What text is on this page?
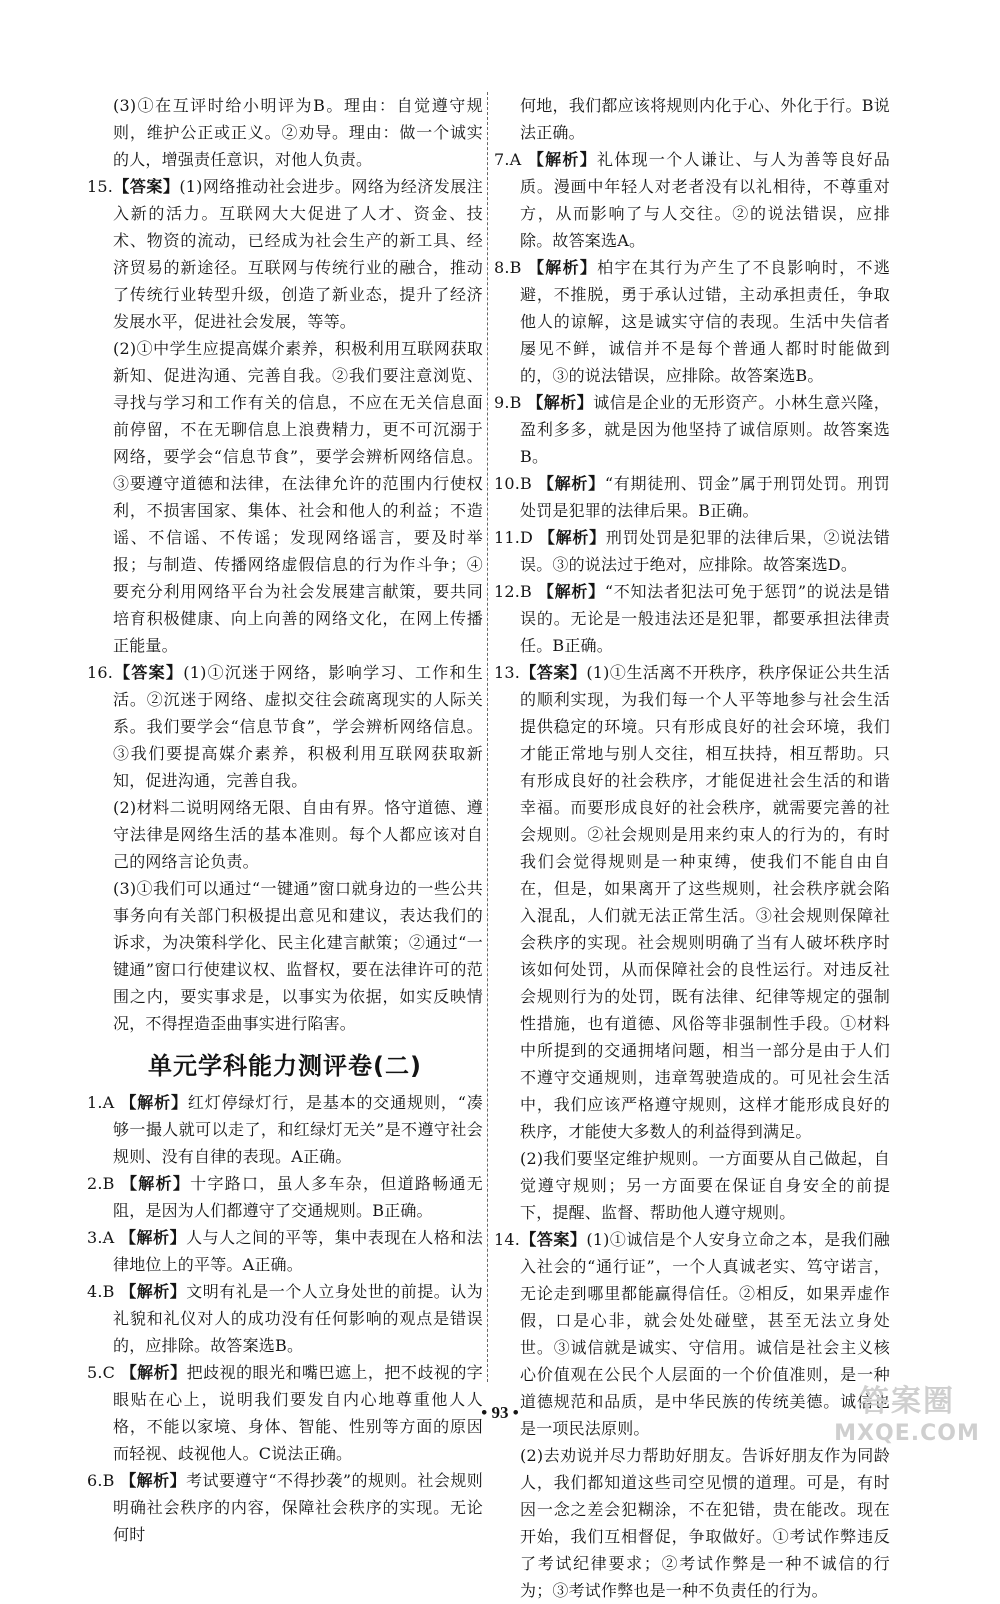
(3)①在互评时给小明评为B。理由：自觉遵守规则，维护公正或正义。②劝导。理由：做一个诚实的人，增强责任意识，对他人负责。

15.【答案】(1)网络推动社会进步。网络为经济发展注入新的活力。互联网大大促进了人才、资金、技术、物资的流动，已经成为社会生产的新工具、经济贸易的新途径。互联网与传统行业的融合，推动了传统行业转型升级，创造了新业态，提升了经济发展水平，促进社会发展，等等。

(2)①中学生应提高媒介素养，积极利用互联网获取新知、促进沟通、完善自我。②我们要注意浏览、寻找与学习和工作有关的信息，不应在无关信息面前停留，不在无聊信息上浪费精力，更不可沉溺于网络，要学会“信息节食”，要学会辨析网络信息。③要遵守道德和法律，在法律允许的范围内行使权利，不损害国家、集体、社会和他人的利益；不造谣、不信谣、不传谣；发现网络谣言，要及时举报；与制造、传播网络虚假信息的行为作斗争；④要充分利用网络平台为社会发展建言献策，要共同培育积极健康、向上向善的网络文化，在网上传播正能量。

16.【答案】(1)①沉迷于网络，影响学习、工作和生活。②沉迷于网络、虚拟交往会疏离现实的人际关系。我们要学会“信息节食”，学会辨析网络信息。③我们要提高媒介素养，积极利用互联网获取新知，促进沟通，完善自我。

(2)材料二说明网络无限、自由有界。恪守道德、遵守法律是网络生活的基本准则。每个人都应该对自己的网络言论负责。

(3)①我们可以通过“一键通”窗口就身边的一些公共事务向有关部门积极提出意见和建议，表达我们的诉求，为决策科学化、民主化建言献策；②通过“一键通”窗口行使建议权、监督权，要在法律许可的范围之内，要实事求是，以事实为依据，如实反映情况，不得捏造歪曲事实进行陷害。

单元学科能力测评卷(二)

1.A 【解析】红灯停绿灯行，是基本的交通规则，“凑够一撮人就可以走了，和红绿灯无关”是不遵守社会规则、没有自律的表现。A正确。

2.B 【解析】十字路口，虽人多车杂，但道路畅通无阻，是因为人们都遵守了交通规则。B正确。

3.A 【解析】人与人之间的平等，集中表现在人格和法律地位上的平等。A正确。

4.B 【解析】文明有礼是一个人立身处世的前提。认为礼貌和礼仪对人的成功没有任何影响的观点是错误的，应排除。故答案选B。

5.C 【解析】把歧视的眼光和嘴巴遮上，把不歧视的字眼贴在心上，说明我们要发自内心地尊重他人人格，不能以家境、身体、智能、性别等方面的原因而轻视、歧视他人。C说法正确。

6.B 【解析】考试要遵守“不得抄袭”的规则。社会规则明确社会秩序的内容，保障社会秩序的实现。无论何时

何地，我们都应该将规则内化于心、外化于行。B说法正确。

7.A 【解析】礼体现一个人谦让、与人为善等良好品质。漫画中年轻人对老者没有以礼相待，不尊重对方，从而影响了与人交往。②的说法错误，应排除。故答案选A。

8.B 【解析】柏宇在其行为产生了不良影响时，不逃避，不推脱，勇于承认过错，主动承担责任，争取他人的谅解，这是诚实守信的表现。生活中失信者屡见不鲜，诚信并不是每个普通人都时时能做到的，③的说法错误，应排除。故答案选B。

9.B 【解析】诚信是企业的无形资产。小林生意兴隆，盈利多多，就是因为他坚持了诚信原则。故答案选B。

10.B 【解析】“有期徒刑、罚金”属于刑罚处罚。刑罚处罚是犯罪的法律后果。B正确。

11.D 【解析】刑罚处罚是犯罪的法律后果，②说法错误。③的说法过于绝对，应排除。故答案选D。

12.B 【解析】“不知法者犯法可免于惩罚”的说法是错误的。无论是一般违法还是犯罪，都要承担法律责任。B正确。

13.【答案】(1)①生活离不开秩序，秩序保证公共生活的顺利实现，为我们每一个人平等地参与社会生活提供稳定的环境。只有形成良好的社会环境，我们才能正常地与别人交往，相互扶持，相互帮助。只有形成良好的社会秩序，才能促进社会生活的和谐幸福。而要形成良好的社会秩序，就需要完善的社会规则。②社会规则是用来约束人的行为的，有时我们会觉得规则是一种束缚，使我们不能自由自在，但是，如果离开了这些规则，社会秩序就会陷入混乱，人们就无法正常生活。③社会规则保障社会秩序的实现。社会规则明确了当有人破坏秩序时该如何处罚，从而保障社会的良性运行。对违反社会规则行为的处罚，既有法律、纪律等规定的强制性措施，也有道德、风俗等非强制性手段。①材料中所提到的交通拥堵问题，相当一部分是由于人们不遵守交通规则，违章驾驶造成的。可见社会生活中，我们应该严格遵守规则，这样才能形成良好的秩序，才能使大多数人的利益得到满足。

(2)我们要坚定维护规则。一方面要从自己做起，自觉遵守规则；另一方面要在保证自身安全的前提下，提醒、监督、帮助他人遵守规则。

14.【答案】(1)①诚信是个人安身立命之本，是我们融入社会的“通行证”，一个人真诚老实、笃守诺言，无论走到哪里都能赢得信任。②相反，如果弄虚作假，口是心非，就会处处碰壁，甚至无法立身处世。③诚信就是诚实、守信用。诚信是社会主义核心价值观在公民个人层面的一个价值准则，是一种道德规范和品质，是中华民族的传统美德。诚信也是一项民法原则。

(2)去劝说并尽力帮助好朋友。告诉好朋友作为同龄人，我们都知道这些司空见惯的道理。可是，有时因一念之差会犯糊涂，不在犯错，贵在能改。现在开始，我们互相督促，争取做好。①考试作弊违反了考试纪律要求；②考试作弊是一种不诚信的行为；③考试作弊也是一种不负责任的行为。

• 93 •	答案圈
MXQE.COM
